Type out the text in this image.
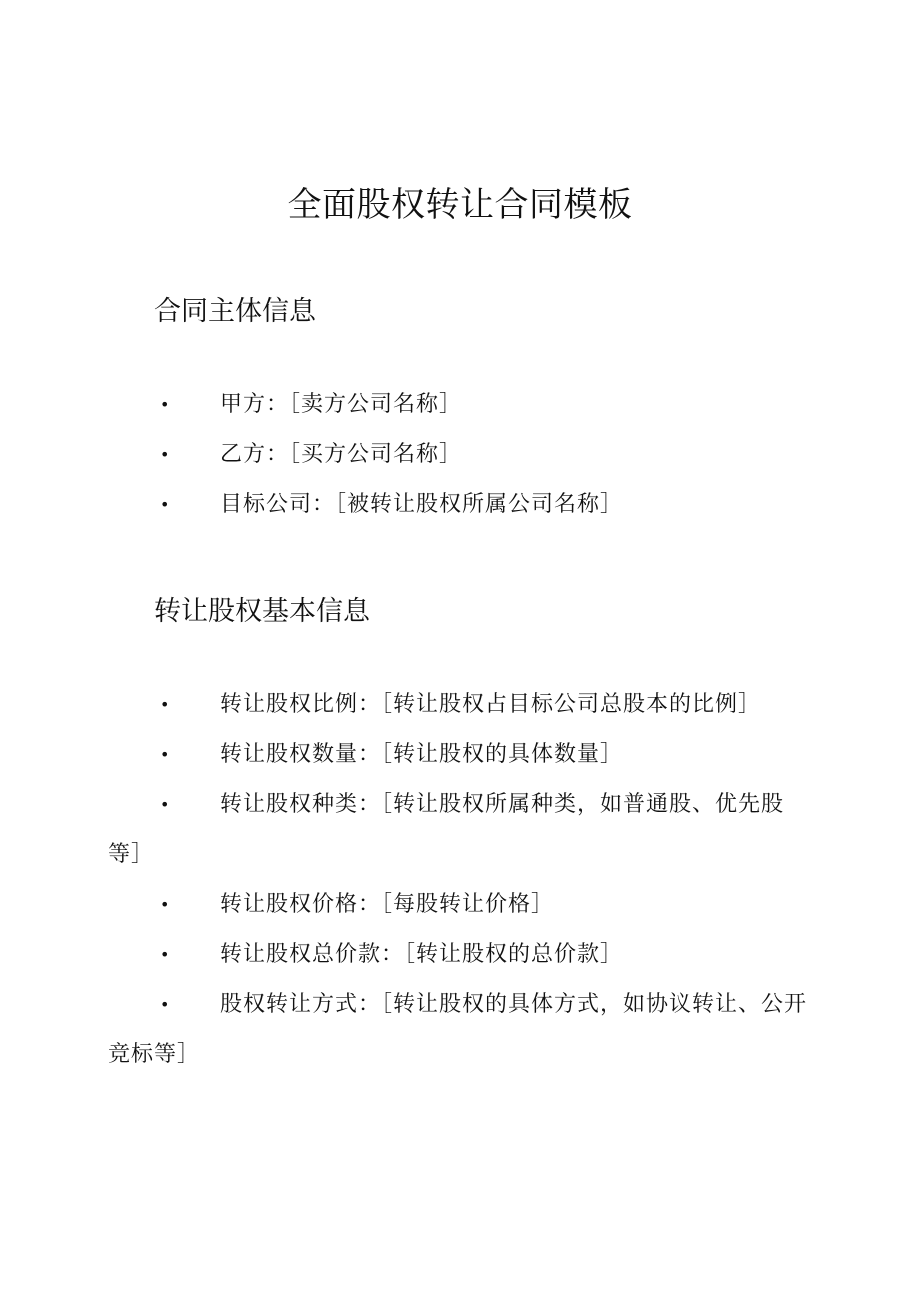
全面股权转让合同模板
合同主体信息
• 甲方：［卖方公司名称］
• 乙方：［买方公司名称］
• 目标公司：［被转让股权所属公司名称］
转让股权基本信息
• 转让股权比例：［转让股权占目标公司总股本的比例］
• 转让股权数量：［转让股权的具体数量］
• 转让股权种类：［转让股权所属种类，如普通股、优先股等］
• 转让股权价格：［每股转让价格］
• 转让股权总价款：［转让股权的总价款］
• 股权转让方式：［转让股权的具体方式，如协议转让、公开竞标等］
